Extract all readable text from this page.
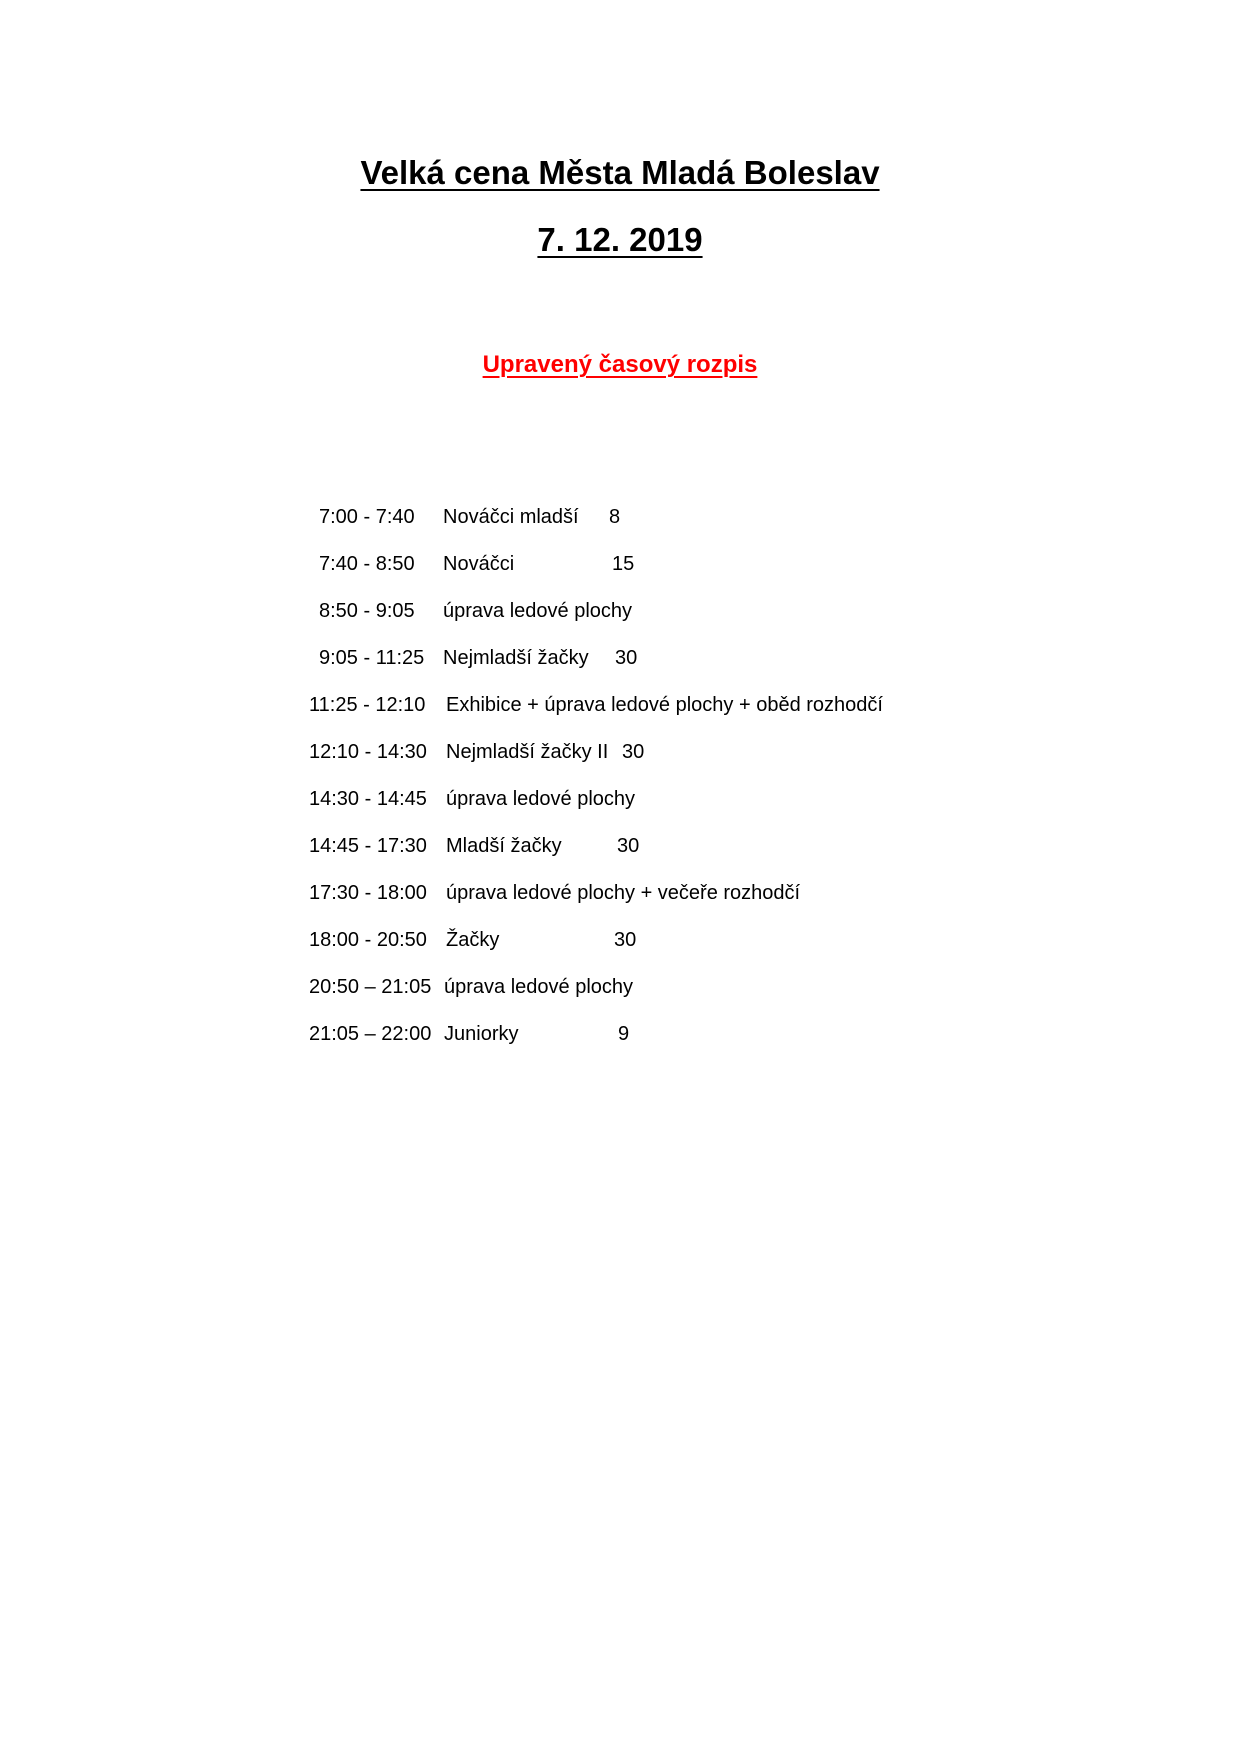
Velká cena Města Mladá Boleslav
7. 12. 2019
Upravený časový rozpis
7:00 - 7:40 Nováčci mladší 8
7:40 - 8:50 Nováčci	15
8:50 - 9:05 úprava ledové plochy
9:05 - 11:25 Nejmladší žačky 30
11:25 - 12:10 Exhibice + úprava ledové plochy + oběd rozhodčí
12:10 - 14:30 Nejmladší žačky II 30
14:30 - 14:45 úprava ledové plochy
14:45 - 17:30 Mladší žačky	30
17:30 - 18:00 úprava ledové plochy + večeře rozhodčí
18:00 - 20:50 Žačky	30
20:50 – 21:05 úprava ledové plochy
21:05 – 22:00 Juniorky	9
